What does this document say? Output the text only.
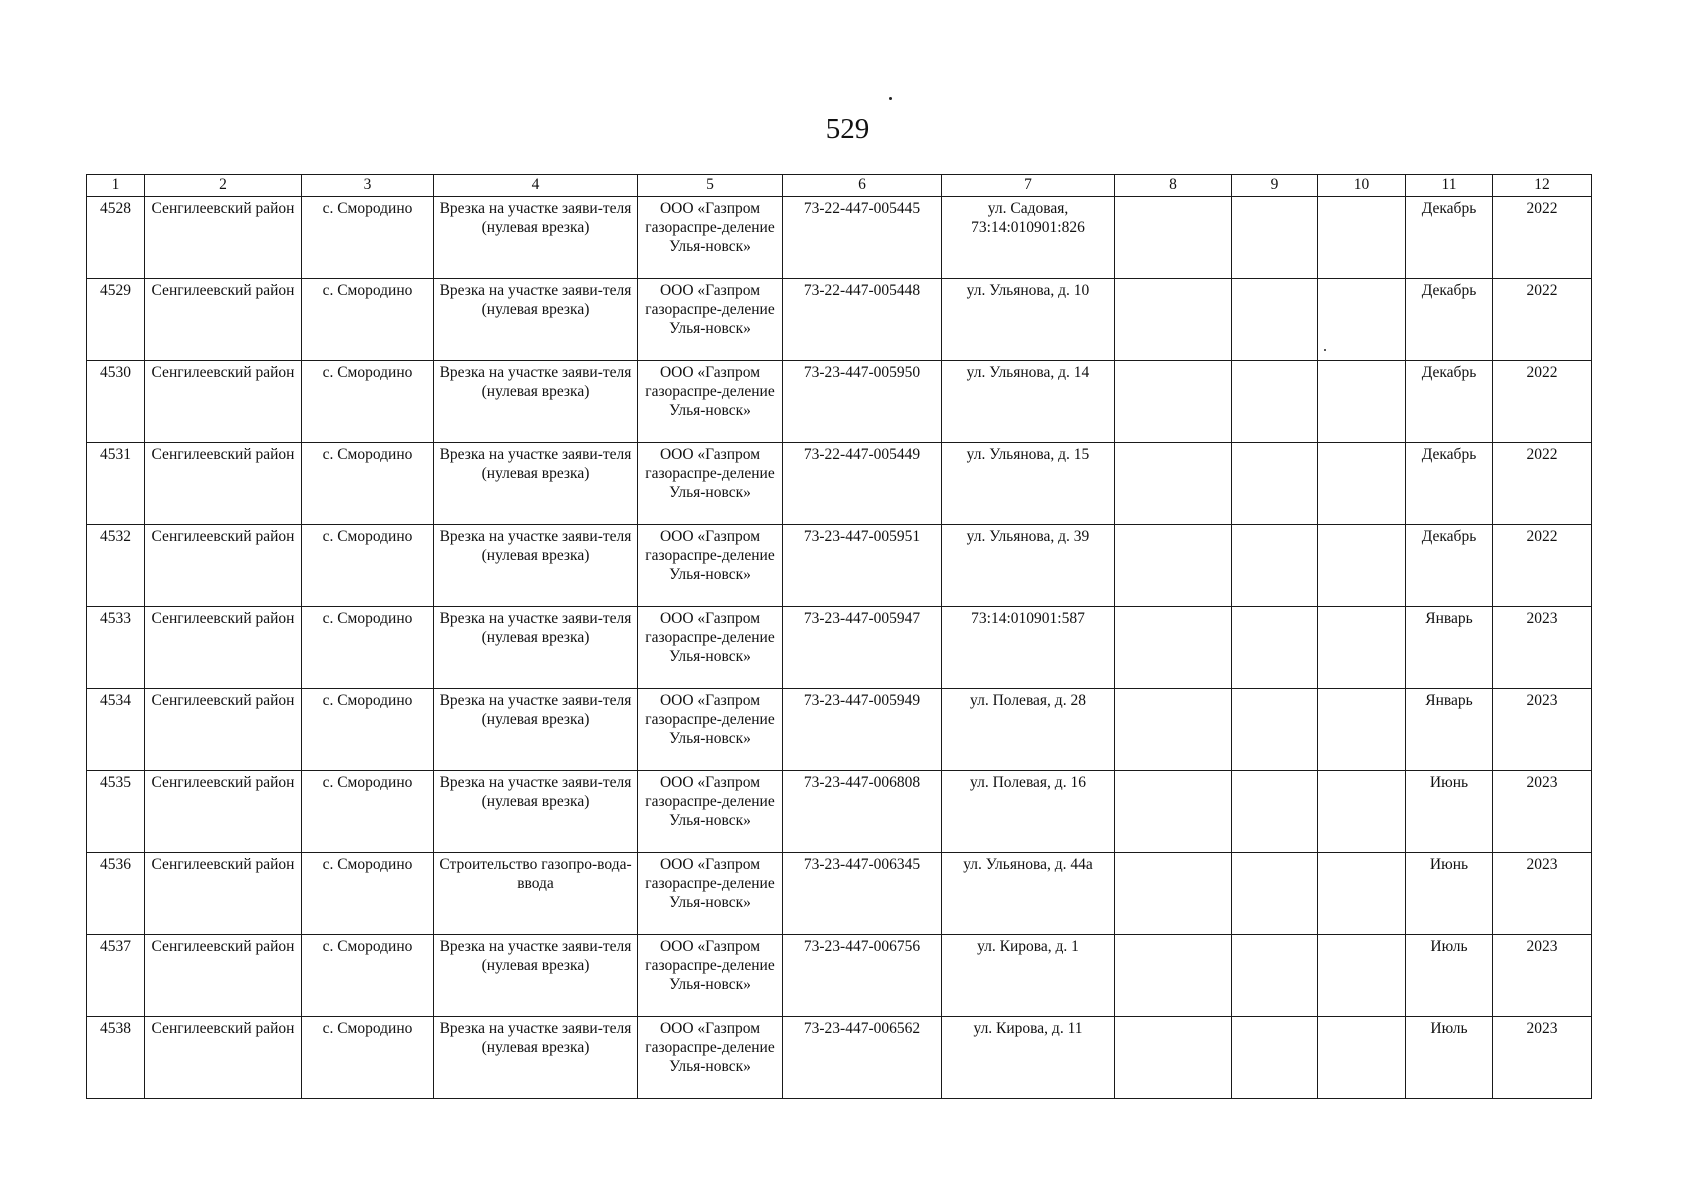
529
1	2	3	4	5	6	7	8	9	10	11	12
4528	Сенгилеевский район	с. Смородино	Врезка на участке заяви-теля (нулевая врезка)	ООО «Газпром газораспре-деление Улья-новск»	73-22-447-005445	ул. Садовая, 73:14:010901:826				Декабрь	2022
4529	Сенгилеевский район	с. Смородино	Врезка на участке заяви-теля (нулевая врезка)	ООО «Газпром газораспре-деление Улья-новск»	73-22-447-005448	ул. Ульянова, д. 10				Декабрь	2022
4530	Сенгилеевский район	с. Смородино	Врезка на участке заяви-теля (нулевая врезка)	ООО «Газпром газораспре-деление Улья-новск»	73-23-447-005950	ул. Ульянова, д. 14				Декабрь	2022
4531	Сенгилеевский район	с. Смородино	Врезка на участке заяви-теля (нулевая врезка)	ООО «Газпром газораспре-деление Улья-новск»	73-22-447-005449	ул. Ульянова, д. 15				Декабрь	2022
4532	Сенгилеевский район	с. Смородино	Врезка на участке заяви-теля (нулевая врезка)	ООО «Газпром газораспре-деление Улья-новск»	73-23-447-005951	ул. Ульянова, д. 39				Декабрь	2022
4533	Сенгилеевский район	с. Смородино	Врезка на участке заяви-теля (нулевая врезка)	ООО «Газпром газораспре-деление Улья-новск»	73-23-447-005947	73:14:010901:587				Январь	2023
4534	Сенгилеевский район	с. Смородино	Врезка на участке заяви-теля (нулевая врезка)	ООО «Газпром газораспре-деление Улья-новск»	73-23-447-005949	ул. Полевая, д. 28				Январь	2023
4535	Сенгилеевский район	с. Смородино	Врезка на участке заяви-теля (нулевая врезка)	ООО «Газпром газораспре-деление Улья-новск»	73-23-447-006808	ул. Полевая, д. 16				Июнь	2023
4536	Сенгилеевский район	с. Смородино	Строительство газопро-вода-ввода	ООО «Газпром газораспре-деление Улья-новск»	73-23-447-006345	ул. Ульянова, д. 44а				Июнь	2023
4537	Сенгилеевский район	с. Смородино	Врезка на участке заяви-теля (нулевая врезка)	ООО «Газпром газораспре-деление Улья-новск»	73-23-447-006756	ул. Кирова, д. 1				Июль	2023
4538	Сенгилеевский район	с. Смородино	Врезка на участке заяви-теля (нулевая врезка)	ООО «Газпром газораспре-деление Улья-новск»	73-23-447-006562	ул. Кирова, д. 11				Июль	2023
